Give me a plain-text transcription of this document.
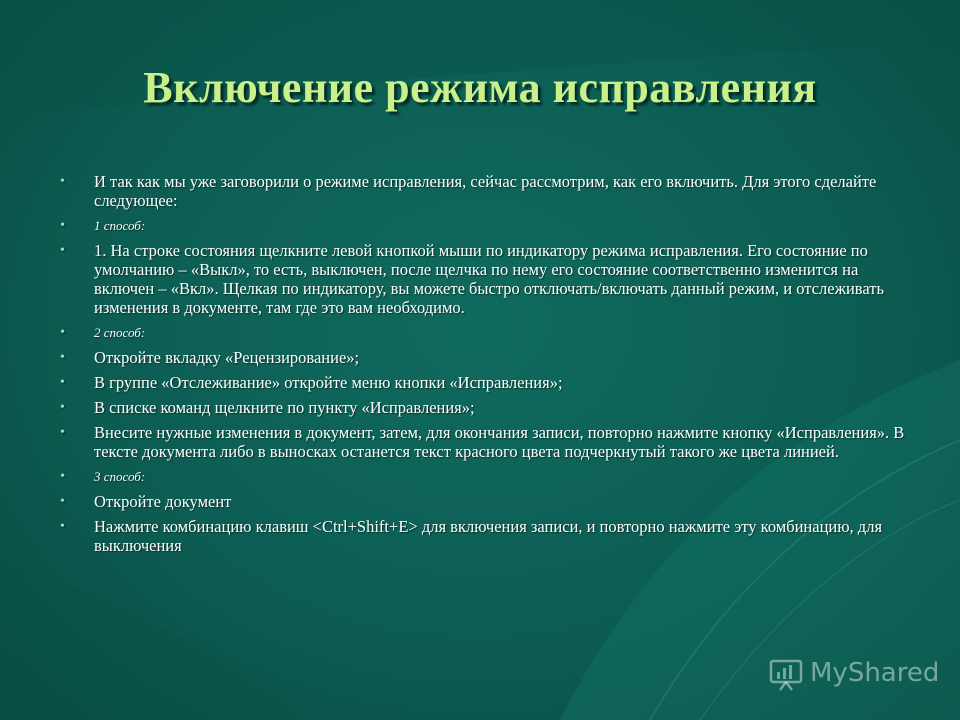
Включение режима исправления
• И так как мы уже заговорили о режиме исправления, сейчас рассмотрим, как его включить. Для этого сделайте следующее:
• 1 способ:
• 1. На строке состояния щелкните левой кнопкой мыши по индикатору режима исправления. Его состояние по умолчанию – «Выкл», то есть, выключен, после щелчка по нему его состояние соответственно изменится на включен – «Вкл». Щелкая по индикатору, вы можете быстро отключать/включать данный режим, и отслеживать изменения в документе, там где это вам необходимо.
• 2 способ:
• Откройте вкладку «Рецензирование»;
• В группе «Отслеживание» откройте меню кнопки «Исправления»;
• В списке команд щелкните по пункту «Исправления»;
• Внесите нужные изменения в документ, затем, для окончания записи, повторно нажмите кнопку «Исправления». В тексте документа либо в выносках останется текст красного цвета подчеркнутый такого же цвета линией.
• 3 способ:
• Откройте документ
• Нажмите комбинацию клавиш <Ctrl+Shift+E> для включения записи, и повторно нажмите эту комбинацию, для выключения
MyShared
